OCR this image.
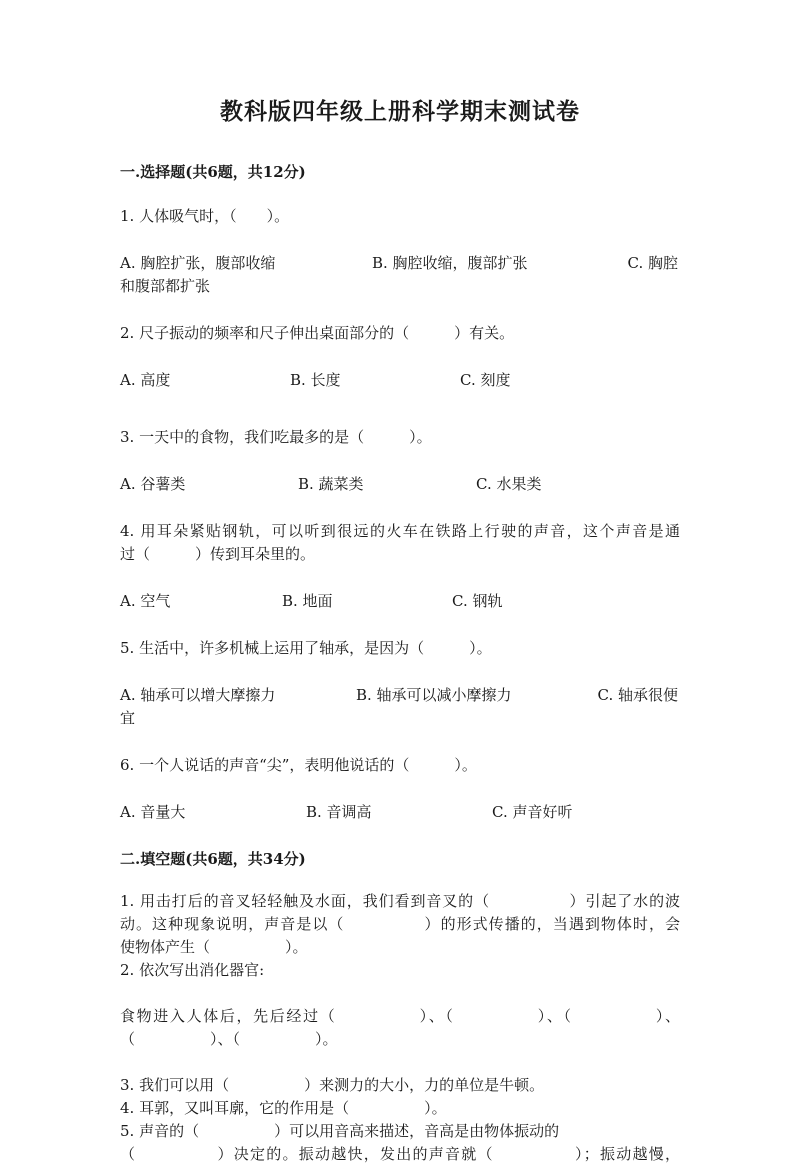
教科版四年级上册科学期末测试卷
一.选择题(共6题，共12分)

1. 人体吸气时，（　　）。

A. 胸腔扩张，腹部收缩	B. 胸腔收缩，腹部扩张	C. 胸腔
和腹部都扩张

2. 尺子振动的频率和尺子伸出桌面部分的（　　　）有关。

A. 高度	B. 长度	C. 刻度

3. 一天中的食物，我们吃最多的是（　　　）。

A. 谷薯类	B. 蔬菜类	C. 水果类

4. 用耳朵紧贴钢轨，可以听到很远的火车在铁路上行驶的声音，这个声音是通

过（　　　）传到耳朵里的。

A. 空气	B. 地面	C. 钢轨

5. 生活中，许多机械上运用了轴承，是因为（　　　）。

A. 轴承可以增大摩擦力	B. 轴承可以减小摩擦力	C. 轴承很便
宜

6. 一个人说话的声音“尖”，表明他说话的（　　　）。

A. 音量大	B. 音调高	C. 声音好听
二.填空题(共6题，共34分)

1. 用击打后的音叉轻轻触及水面，我们看到音叉的（　　　　　）引起了水的波

动。这种现象说明，声音是以（　　　　　）的形式传播的，当遇到物体时，会

使物体产生（　　　　　）。

2. 依次写出消化器官:

食物进入人体后，先后经过（　　　　　）、（　　　　　）、（　　　　　）、

（　　　　　）、（　　　　　）。

3. 我们可以用（　　　　　）来测力的大小，力的单位是牛顿。

4. 耳郭，又叫耳廓，它的作用是（　　　　　）。

5. 声音的（　　　　　）可以用音高来描述，音高是由物体振动的

（　　　　　）决定的。振动越快，发出的声音就（　　　　　）；振动越慢，
